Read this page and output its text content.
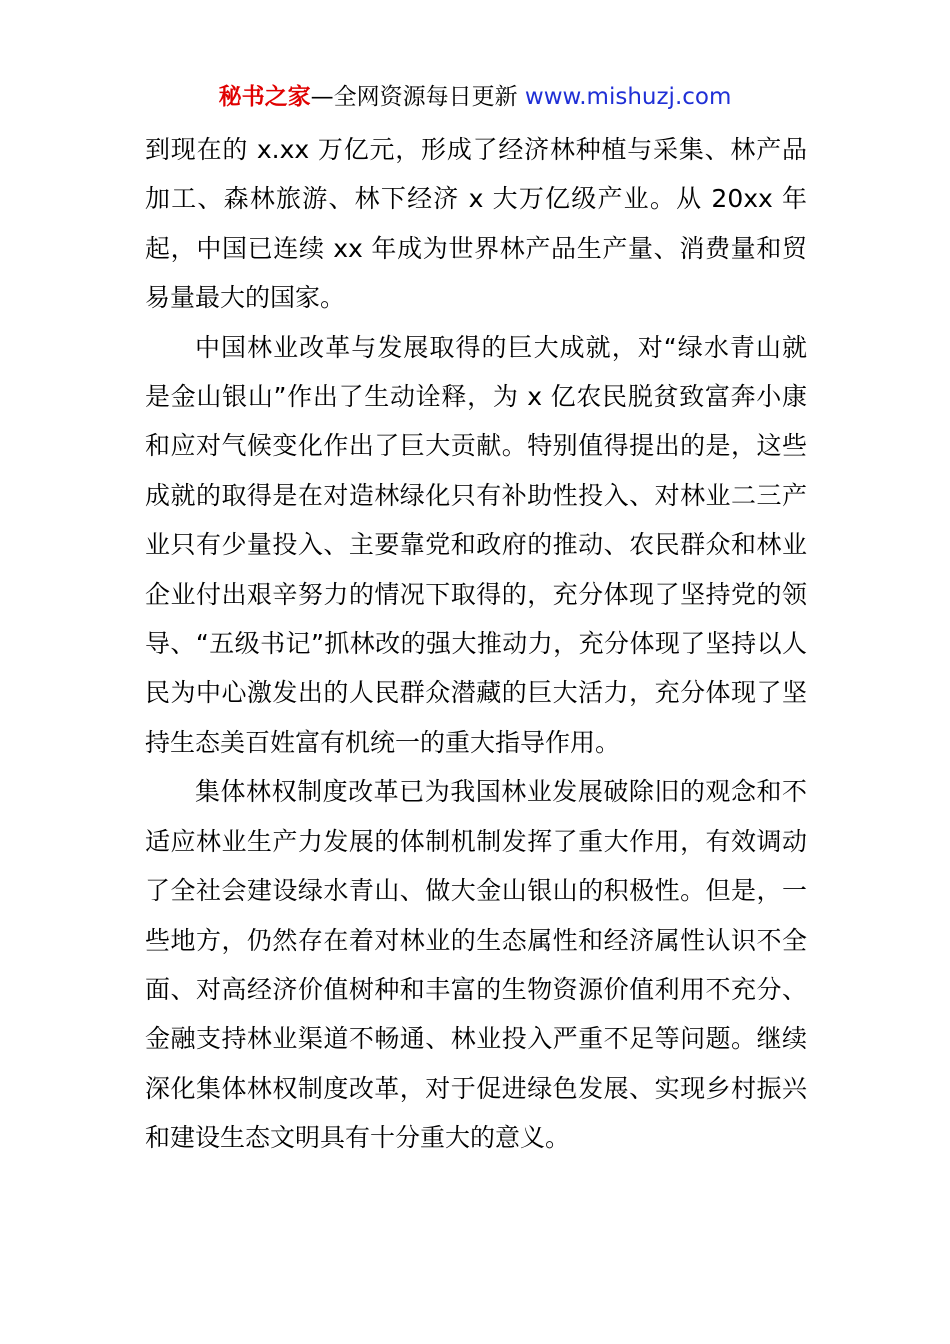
秘书之家—全网资源每日更新 www.mishuzj.com

到现在的 x.xx 万亿元，形成了经济林种植与采集、林产品加工、森林旅游、林下经济 x 大万亿级产业。从 20xx 年起，中国已连续 xx 年成为世界林产品生产量、消费量和贸易量最大的国家。

中国林业改革与发展取得的巨大成就，对“绿水青山就是金山银山”作出了生动诠释，为 x 亿农民脱贫致富奔小康和应对气候变化作出了巨大贡献。特别值得提出的是，这些成就的取得是在对造林绿化只有补助性投入、对林业二三产业只有少量投入、主要靠党和政府的推动、农民群众和林业企业付出艰辛努力的情况下取得的，充分体现了坚持党的领导、“五级书记”抓林改的强大推动力，充分体现了坚持以人民为中心激发出的人民群众潜藏的巨大活力，充分体现了坚持生态美百姓富有机统一的重大指导作用。

集体林权制度改革已为我国林业发展破除旧的观念和不适应林业生产力发展的体制机制发挥了重大作用，有效调动了全社会建设绿水青山、做大金山银山的积极性。但是，一些地方，仍然存在着对林业的生态属性和经济属性认识不全面、对高经济价值树种和丰富的生物资源价值利用不充分、金融支持林业渠道不畅通、林业投入严重不足等问题。继续深化集体林权制度改革，对于促进绿色发展、实现乡村振兴和建设生态文明具有十分重大的意义。
